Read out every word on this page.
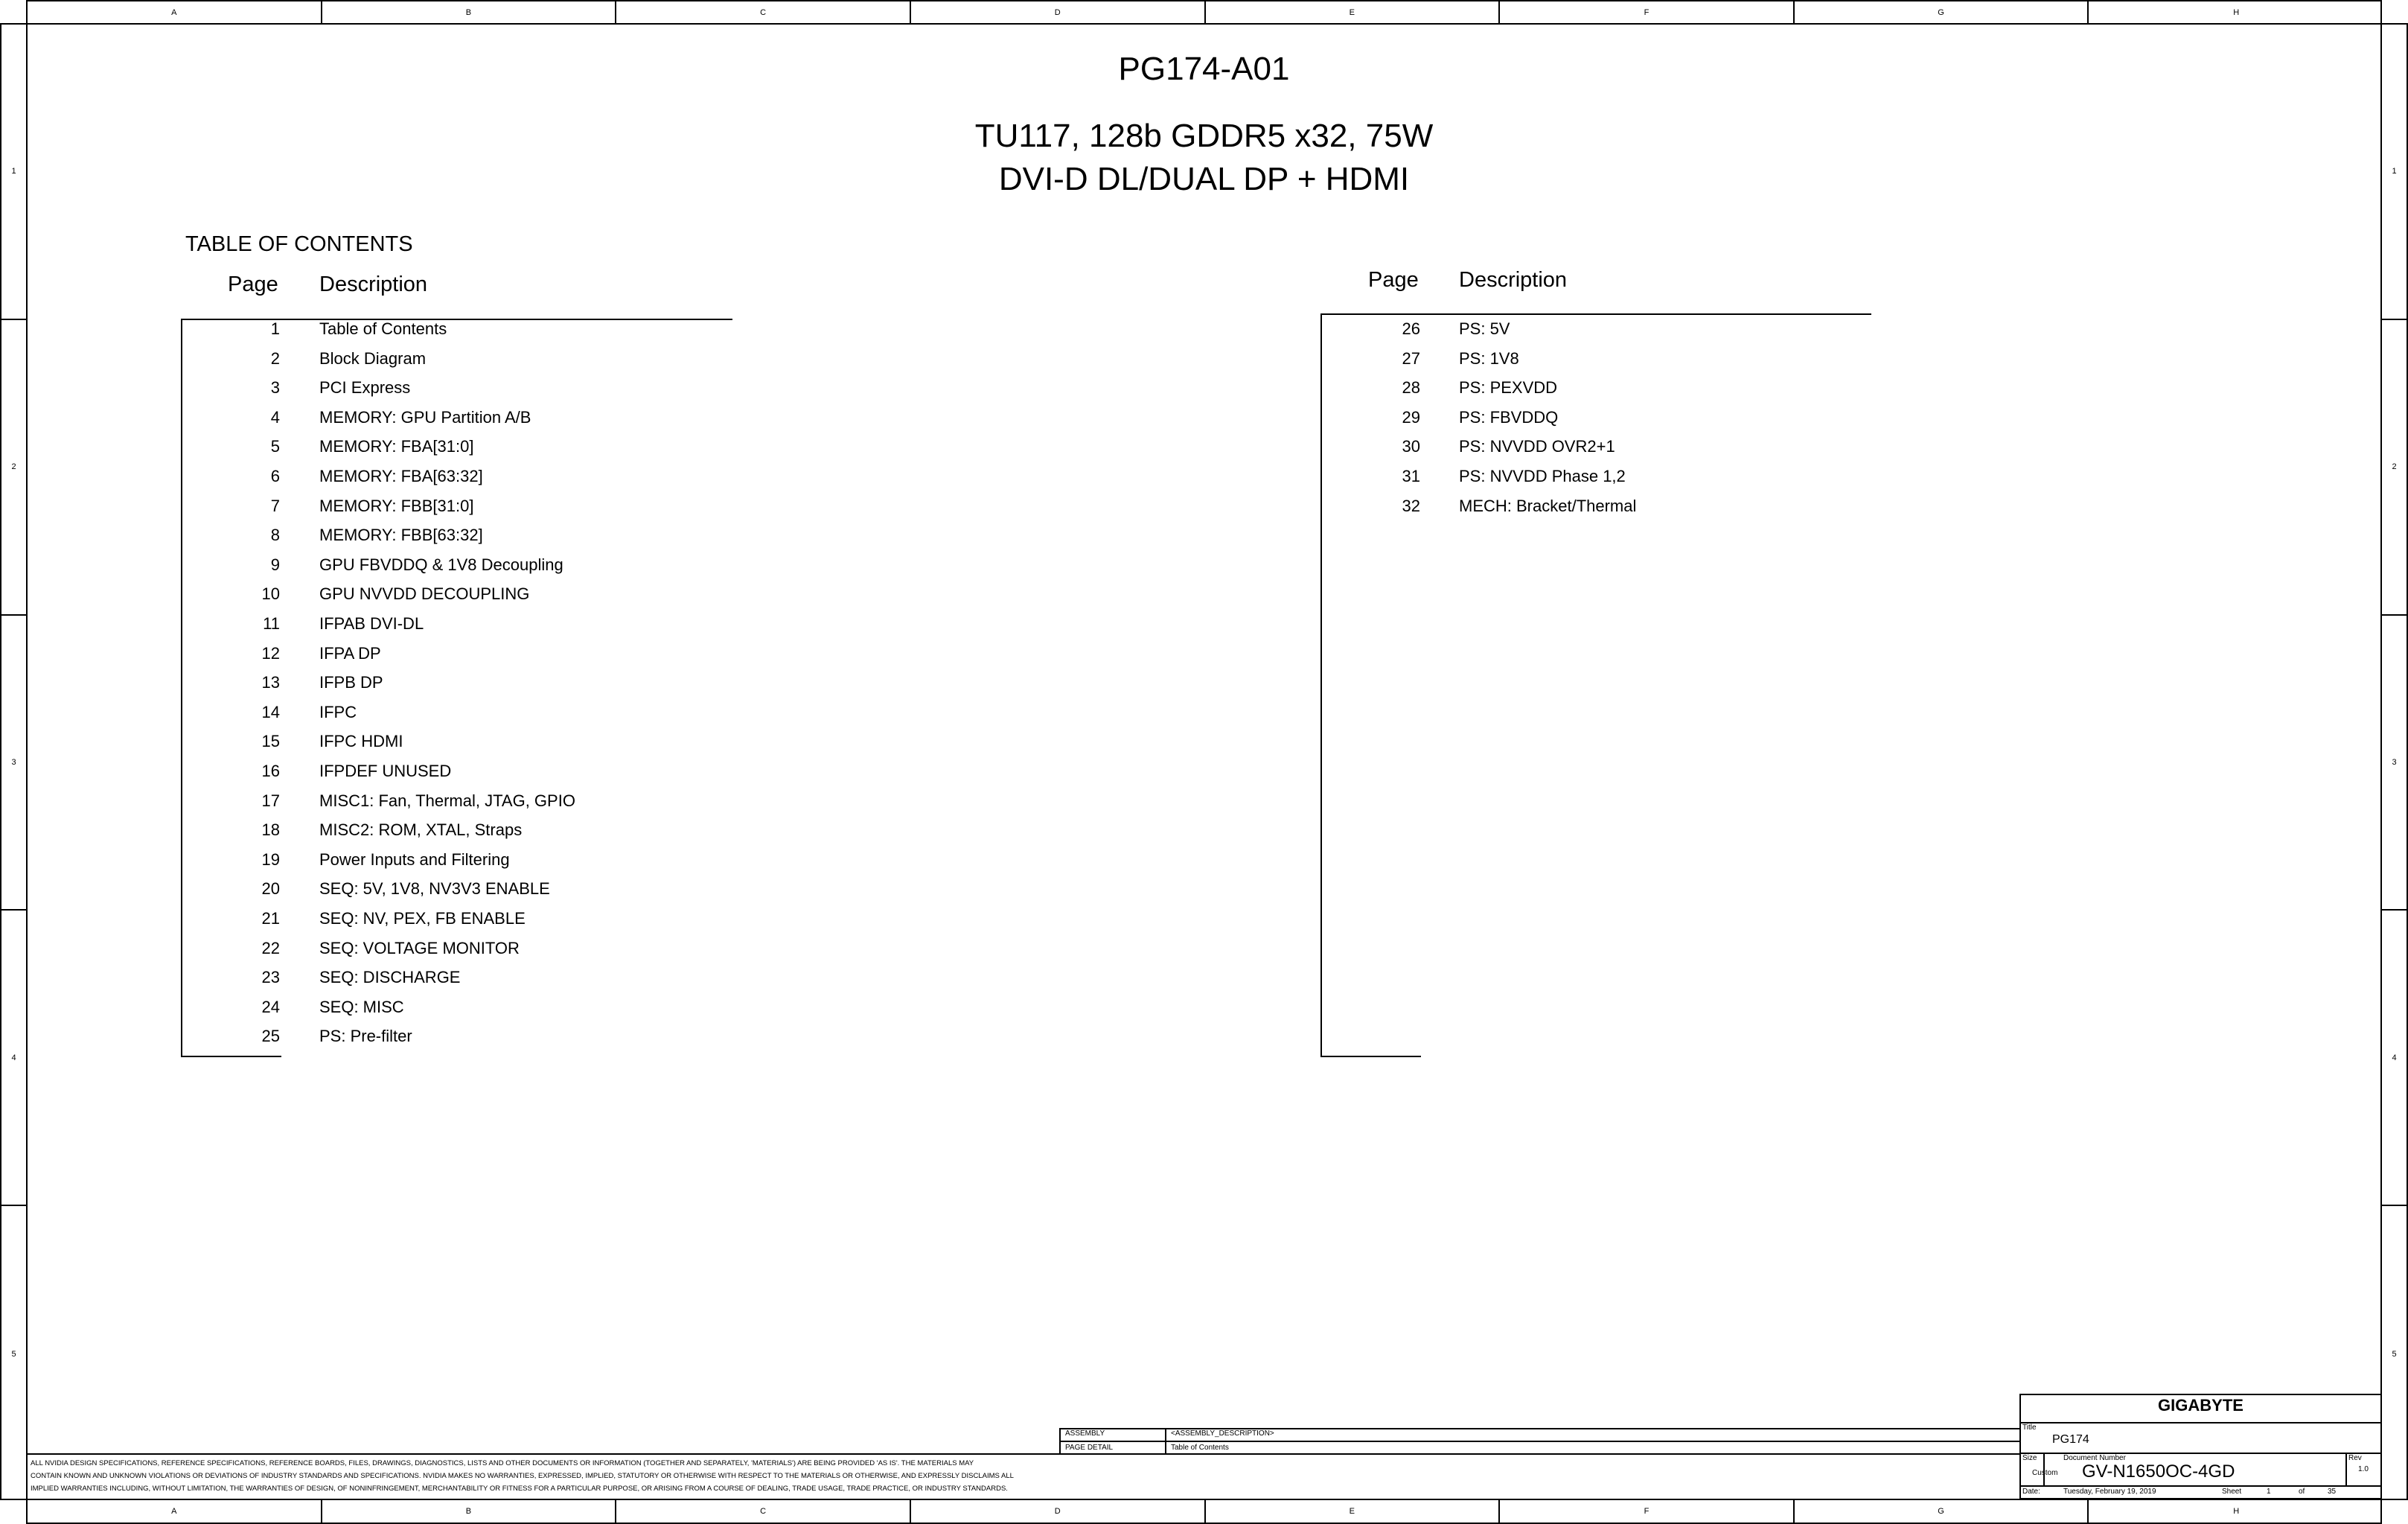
A	B	C	D	E	F	G	H
A	B	C	D	E	F	G	H
1
2
3
4
5
1
2
3
4
5
PG174-A01
TU117, 128b GDDR5 x32, 75W
DVI-D DL/DUAL DP + HDMI
TABLE OF CONTENTS
Page Description	Page Description
1 Table of Contents
2 Block Diagram
3 PCI Express
4 MEMORY: GPU Partition A/B
5 MEMORY: FBA[31:0]
6 MEMORY: FBA[63:32]
7 MEMORY: FBB[31:0]
8 MEMORY: FBB[63:32]
9 GPU FBVDDQ & 1V8 Decoupling
10 GPU NVVDD DECOUPLING
11 IFPAB DVI-DL
12 IFPA DP
13 IFPB DP
14 IFPC
15 IFPC HDMI
16 IFPDEF UNUSED
17 MISC1: Fan, Thermal, JTAG, GPIO
18 MISC2: ROM, XTAL, Straps
19 Power Inputs and Filtering
20 SEQ: 5V, 1V8, NV3V3 ENABLE
21 SEQ: NV, PEX, FB ENABLE
22 SEQ: VOLTAGE MONITOR
23 SEQ: DISCHARGE
24 SEQ: MISC
25 PS: Pre-filter
26 PS: 5V
27 PS: 1V8
28 PS: PEXVDD
29 PS: FBVDDQ
30 PS: NVVDD OVR2+1
31 PS: NVVDD Phase 1,2
32 MECH: Bracket/Thermal
ALL NVIDIA DESIGN SPECIFICATIONS, REFERENCE SPECIFICATIONS, REFERENCE BOARDS, FILES, DRAWINGS, DIAGNOSTICS, LISTS AND OTHER DOCUMENTS OR INFORMATION (TOGETHER AND SEPARATELY, 'MATERIALS') ARE BEING PROVIDED 'AS IS'. THE MATERIALS MAY
CONTAIN KNOWN AND UNKNOWN VIOLATIONS OR DEVIATIONS OF INDUSTRY STANDARDS AND SPECIFICATIONS. NVIDIA MAKES NO WARRANTIES, EXPRESSED, IMPLIED, STATUTORY OR OTHERWISE WITH RESPECT TO THE MATERIALS OR OTHERWISE, AND EXPRESSLY DISCLAIMS ALL
IMPLIED WARRANTIES INCLUDING, WITHOUT LIMITATION, THE WARRANTIES OF DESIGN, OF NONINFRINGEMENT, MERCHANTABILITY OR FITNESS FOR A PARTICULAR PURPOSE, OR ARISING FROM A COURSE OF DEALING, TRADE USAGE, TRADE PRACTICE, OR INDUSTRY STANDARDS.
ASSEMBLY	<ASSEMBLY_DESCRIPTION>
PAGE DETAIL	Table of Contents
GIGABYTE
Title
PG174
Size
Custom
Document Number
GV-N1650OC-4GD
Rev
1.0
Date:	Tuesday, February 19, 2019	Sheet	1	of	35
